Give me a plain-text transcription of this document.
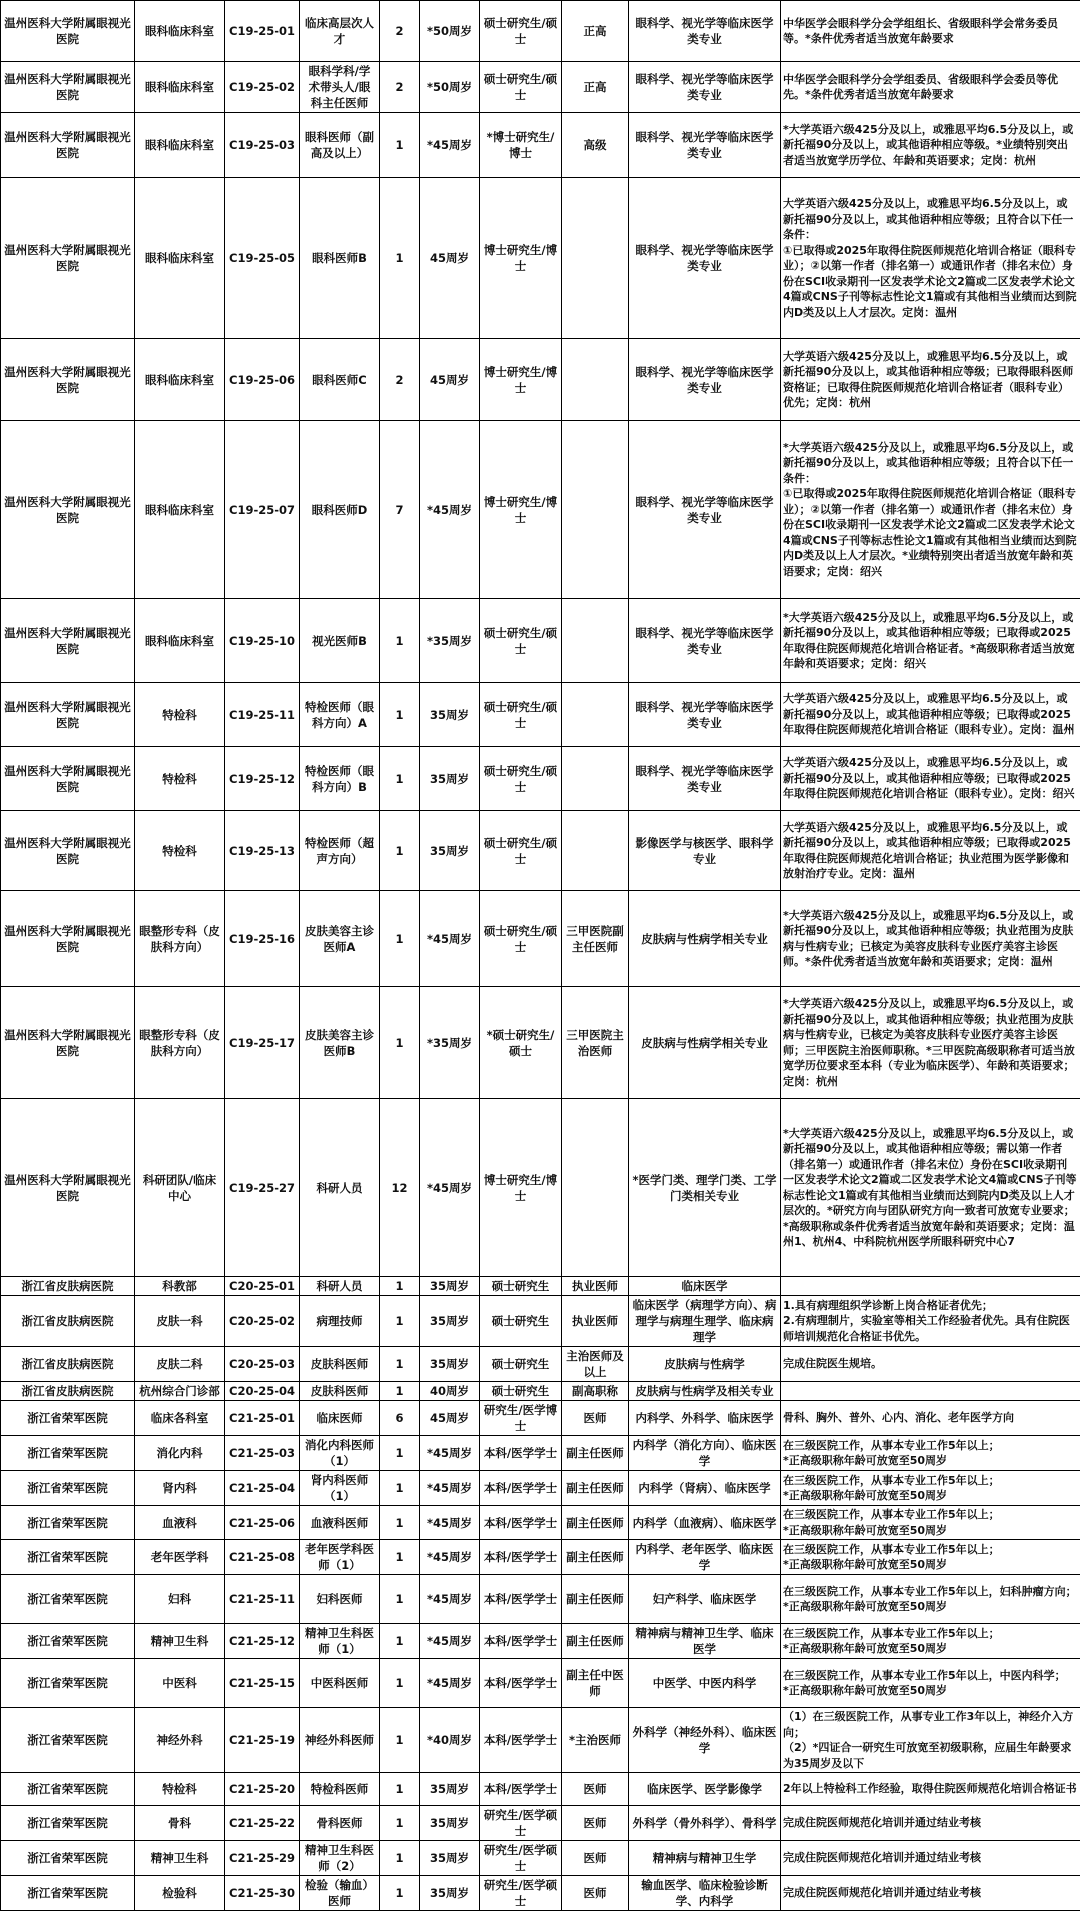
温州医科大学附属眼视光医院	眼科临床科室	C19-25-01	临床高层次人才	2	*50周岁	硕士研究生/硕士	正高	眼科学、视光学等临床医学类专业	中华医学会眼科学分会学组组长、省级眼科学会常务委员等。*条件优秀者适当放宽年龄要求

温州医科大学附属眼视光医院	眼科临床科室	C19-25-02	眼科学科/学术带头人/眼科主任医师	2	*50周岁	硕士研究生/硕士	正高	眼科学、视光学等临床医学类专业	中华医学会眼科学分会学组委员、省级眼科学会委员等优先。*条件优秀者适当放宽年龄要求

温州医科大学附属眼视光医院	眼科临床科室	C19-25-03	眼科医师（副高及以上）	1	*45周岁	*博士研究生/博士	高级	眼科学、视光学等临床医学类专业	*大学英语六级425分及以上，或雅思平均6.5分及以上，或新托福90分及以上，或其他语种相应等级。*业绩特别突出者适当放宽学历学位、年龄和英语要求；定岗：杭州

温州医科大学附属眼视光医院	眼科临床科室	C19-25-05	眼科医师B	1	45周岁	博士研究生/博士		眼科学、视光学等临床医学类专业	大学英语六级425分及以上，或雅思平均6.5分及以上，或新托福90分及以上，或其他语种相应等级；且符合以下任一条件：
①已取得或2025年取得住院医师规范化培训合格证（眼科专业）；②以第一作者（排名第一）或通讯作者（排名末位）身份在SCI收录期刊一区发表学术论文2篇或二区发表学术论文4篇或CNS子刊等标志性论文1篇或有其他相当业绩而达到院内D类及以上人才层次。定岗：温州

温州医科大学附属眼视光医院	眼科临床科室	C19-25-06	眼科医师C	2	45周岁	博士研究生/博士		眼科学、视光学等临床医学类专业	大学英语六级425分及以上，或雅思平均6.5分及以上，或新托福90分及以上，或其他语种相应等级；已取得眼科医师资格证；已取得住院医师规范化培训合格证者（眼科专业）优先；定岗：杭州

温州医科大学附属眼视光医院	眼科临床科室	C19-25-07	眼科医师D	7	*45周岁	博士研究生/博士		眼科学、视光学等临床医学类专业	*大学英语六级425分及以上，或雅思平均6.5分及以上，或新托福90分及以上，或其他语种相应等级；且符合以下任一条件：
①已取得或2025年取得住院医师规范化培训合格证（眼科专业）；②以第一作者（排名第一）或通讯作者（排名末位）身份在SCI收录期刊一区发表学术论文2篇或二区发表学术论文4篇或CNS子刊等标志性论文1篇或有其他相当业绩而达到院内D类及以上人才层次。*业绩特别突出者适当放宽年龄和英语要求；定岗：绍兴

温州医科大学附属眼视光医院	眼科临床科室	C19-25-10	视光医师B	1	*35周岁	硕士研究生/硕士		眼科学、视光学等临床医学类专业	*大学英语六级425分及以上，或雅思平均6.5分及以上，或新托福90分及以上，或其他语种相应等级；已取得或2025年取得住院医师规范化培训合格证者。*高级职称者适当放宽年龄和英语要求；定岗：绍兴

温州医科大学附属眼视光医院	特检科	C19-25-11	特检医师（眼科方向）A	1	35周岁	硕士研究生/硕士		眼科学、视光学等临床医学类专业	大学英语六级425分及以上，或雅思平均6.5分及以上，或新托福90分及以上，或其他语种相应等级；已取得或2025年取得住院医师规范化培训合格证（眼科专业）。定岗：温州

温州医科大学附属眼视光医院	特检科	C19-25-12	特检医师（眼科方向）B	1	35周岁	硕士研究生/硕士		眼科学、视光学等临床医学类专业	大学英语六级425分及以上，或雅思平均6.5分及以上，或新托福90分及以上，或其他语种相应等级；已取得或2025年取得住院医师规范化培训合格证（眼科专业）。定岗：绍兴

温州医科大学附属眼视光医院	特检科	C19-25-13	特检医师（超声方向）	1	35周岁	硕士研究生/硕士		影像医学与核医学、眼科学专业	大学英语六级425分及以上，或雅思平均6.5分及以上，或新托福90分及以上，或其他语种相应等级；已取得或2025年取得住院医师规范化培训合格证；执业范围为医学影像和放射治疗专业。定岗：温州

温州医科大学附属眼视光医院	眼整形专科（皮肤科方向）	C19-25-16	皮肤美容主诊医师A	1	*45周岁	硕士研究生/硕士	三甲医院副主任医师	皮肤病与性病学相关专业	*大学英语六级425分及以上，或雅思平均6.5分及以上，或新托福90分及以上，或其他语种相应等级；执业范围为皮肤病与性病专业；已核定为美容皮肤科专业医疗美容主诊医师。*条件优秀者适当放宽年龄和英语要求；定岗：温州

温州医科大学附属眼视光医院	眼整形专科（皮肤科方向）	C19-25-17	皮肤美容主诊医师B	1	*35周岁	*硕士研究生/硕士	三甲医院主治医师	皮肤病与性病学相关专业	*大学英语六级425分及以上，或雅思平均6.5分及以上，或新托福90分及以上，或其他语种相应等级；执业范围为皮肤病与性病专业，已核定为美容皮肤科专业医疗美容主诊医师；三甲医院主治医师职称。*三甲医院高级职称者可适当放宽学历位要求至本科（专业为临床医学）、年龄和英语要求；定岗：杭州

温州医科大学附属眼视光医院	科研团队/临床中心	C19-25-27	科研人员	12	*45周岁	博士研究生/博士		*医学门类、理学门类、工学门类相关专业	*大学英语六级425分及以上，或雅思平均6.5分及以上，或新托福90分及以上，或其他语种相应等级；需以第一作者（排名第一）或通讯作者（排名末位）身份在SCI收录期刊一区发表学术论文2篇或二区发表学术论文4篇或CNS子刊等标志性论文1篇或有其他相当业绩而达到院内D类及以上人才层次的。*研究方向与团队研究方向一致者可放宽专业要求；*高级职称或条件优秀者适当放宽年龄和英语要求；定岗：温州1、杭州4、中科院杭州医学所眼科研究中心7

浙江省皮肤病医院	科教部	C20-25-01	科研人员	1	35周岁	硕士研究生	执业医师	临床医学	

浙江省皮肤病医院	皮肤一科	C20-25-02	病理技师	1	35周岁	硕士研究生	执业医师	临床医学（病理学方向）、病理学与病理生理学、临床病理学	1.具有病理组织学诊断上岗合格证者优先；
2.有病理制片，实验室等相关工作经验者优先。具有住院医师培训规范化合格证书优先。

浙江省皮肤病医院	皮肤二科	C20-25-03	皮肤科医师	1	35周岁	硕士研究生	主治医师及以上	皮肤病与性病学	完成住院医生规培。

浙江省皮肤病医院	杭州综合门诊部	C20-25-04	皮肤科医师	1	40周岁	硕士研究生	副高职称	皮肤病与性病学及相关专业	

浙江省荣军医院	临床各科室	C21-25-01	临床医师	6	45周岁	研究生/医学博士	医师	内科学、外科学、临床医学	骨科、胸外、普外、心内、消化、老年医学方向

浙江省荣军医院	消化内科	C21-25-03	消化内科医师（1）	1	*45周岁	本科/医学学士	副主任医师	内科学（消化方向）、临床医学	在三级医院工作，从事本专业工作5年以上；
*正高级职称年龄可放宽至50周岁

浙江省荣军医院	肾内科	C21-25-04	肾内科医师（1）	1	*45周岁	本科/医学学士	副主任医师	内科学（肾病）、临床医学	在三级医院工作，从事本专业工作5年以上；
*正高级职称年龄可放宽至50周岁

浙江省荣军医院	血液科	C21-25-06	血液科医师	1	*45周岁	本科/医学学士	副主任医师	内科学（血液病）、临床医学	在三级医院工作，从事本专业工作5年以上；
*正高级职称年龄可放宽至50周岁

浙江省荣军医院	老年医学科	C21-25-08	老年医学科医师（1）	1	*45周岁	本科/医学学士	副主任医师	内科学、老年医学、临床医学	在三级医院工作，从事本专业工作5年以上；
*正高级职称年龄可放宽至50周岁

浙江省荣军医院	妇科	C21-25-11	妇科医师	1	*45周岁	本科/医学学士	副主任医师	妇产科学、临床医学	在三级医院工作，从事本专业工作5年以上，妇科肿瘤方向；
*正高级职称年龄可放宽至50周岁

浙江省荣军医院	精神卫生科	C21-25-12	精神卫生科医师（1）	1	*45周岁	本科/医学学士	副主任医师	精神病与精神卫生学、临床医学	在三级医院工作，从事本专业工作5年以上；
*正高级职称年龄可放宽至50周岁

浙江省荣军医院	中医科	C21-25-15	中医科医师	1	*45周岁	本科/医学学士	副主任中医师	中医学、中医内科学	在三级医院工作，从事本专业工作5年以上，中医内科学；
*正高级职称年龄可放宽至50周岁

浙江省荣军医院	神经外科	C21-25-19	神经外科医师	1	*40周岁	本科/医学学士	*主治医师	外科学（神经外科）、临床医学	（1）在三级医院工作，从事专业工作3年以上，神经介入方向；
（2）*四证合一研究生可放宽至初级职称，应届生年龄要求为35周岁及以下

浙江省荣军医院	特检科	C21-25-20	特检科医师	1	35周岁	本科/医学学士	医师	临床医学、医学影像学	2年以上特检科工作经验，取得住院医师规范化培训合格证书

浙江省荣军医院	骨科	C21-25-22	骨科医师	1	35周岁	研究生/医学硕士	医师	外科学（骨外科学）、骨科学	完成住院医师规范化培训并通过结业考核

浙江省荣军医院	精神卫生科	C21-25-29	精神卫生科医师（2）	1	35周岁	研究生/医学硕士	医师	精神病与精神卫生学	完成住院医师规范化培训并通过结业考核

浙江省荣军医院	检验科	C21-25-30	检验（输血）医师	1	35周岁	研究生/医学硕士	医师	输血医学、临床检验诊断学、内科学	完成住院医师规范化培训并通过结业考核
